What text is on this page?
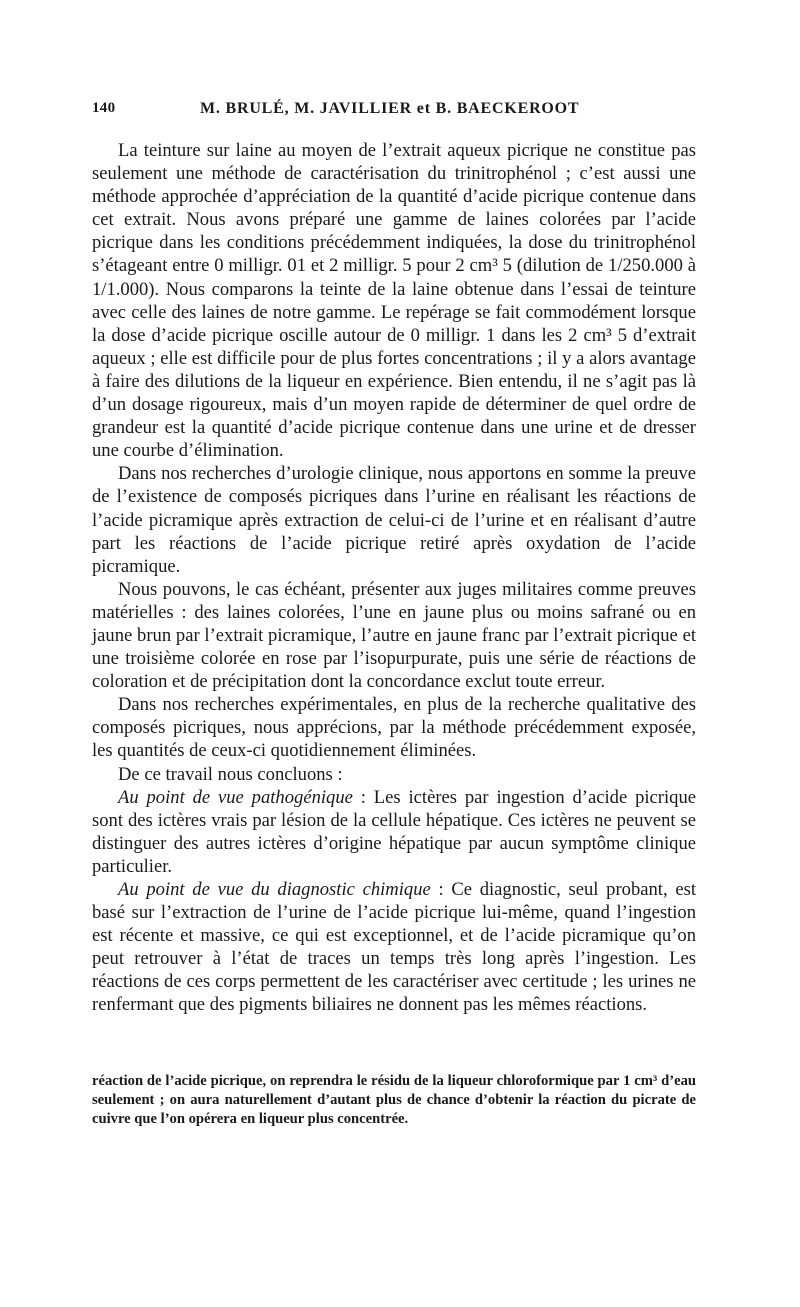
140	M. BRULÉ, M. JAVILLIER et B. BAECKEROOT

La teinture sur laine au moyen de l’extrait aqueux picrique ne constitue pas seulement une méthode de caractérisation du trinitrophénol ; c’est aussi une méthode approchée d’appréciation de la quantité d’acide picrique contenue dans cet extrait. Nous avons préparé une gamme de laines colorées par l’acide picrique dans les conditions précédemment indiquées, la dose du trinitrophénol s’étageant entre 0 milligr. 01 et 2 milligr. 5 pour 2 cm³ 5 (dilution de 1/250.000 à 1/1.000). Nous comparons la teinte de la laine obtenue dans l’essai de teinture avec celle des laines de notre gamme. Le repérage se fait commodément lorsque la dose d’acide picrique oscille autour de 0 milligr. 1 dans les 2 cm³ 5 d’extrait aqueux ; elle est difficile pour de plus fortes concentrations ; il y a alors avantage à faire des dilutions de la liqueur en expérience. Bien entendu, il ne s’agit pas là d’un dosage rigoureux, mais d’un moyen rapide de déterminer de quel ordre de grandeur est la quantité d’acide picrique contenue dans une urine et de dresser une courbe d’élimination.

Dans nos recherches d’urologie clinique, nous apportons en somme la preuve de l’existence de composés picriques dans l’urine en réalisant les réactions de l’acide picramique après extraction de celui-ci de l’urine et en réalisant d’autre part les réactions de l’acide picrique retiré après oxydation de l’acide picramique.

Nous pouvons, le cas échéant, présenter aux juges militaires comme preuves matérielles : des laines colorées, l’une en jaune plus ou moins safrané ou en jaune brun par l’extrait picramique, l’autre en jaune franc par l’extrait picrique et une troisième colorée en rose par l’isopurpurate, puis une série de réactions de coloration et de précipitation dont la concordance exclut toute erreur.

Dans nos recherches expérimentales, en plus de la recherche qualitative des composés picriques, nous apprécions, par la méthode précédemment exposée, les quantités de ceux-ci quotidiennement éliminées.

De ce travail nous concluons :

Au point de vue pathogénique : Les ictères par ingestion d’acide picrique sont des ictères vrais par lésion de la cellule hépatique. Ces ictères ne peuvent se distinguer des autres ictères d’origine hépatique par aucun symptôme clinique particulier.

Au point de vue du diagnostic chimique : Ce diagnostic, seul probant, est basé sur l’extraction de l’urine de l’acide picrique lui-même, quand l’ingestion est récente et massive, ce qui est exceptionnel, et de l’acide picramique qu’on peut retrouver à l’état de traces un temps très long après l’ingestion. Les réactions de ces corps permettent de les caractériser avec certitude ; les urines ne renfermant que des pigments biliaires ne donnent pas les mêmes réactions.

réaction de l’acide picrique, on reprendra le résidu de la liqueur chloroformique par 1 cm³ d’eau seulement ; on aura naturellement d’autant plus de chance d’obtenir la réaction du picrate de cuivre que l’on opérera en liqueur plus concentrée.
